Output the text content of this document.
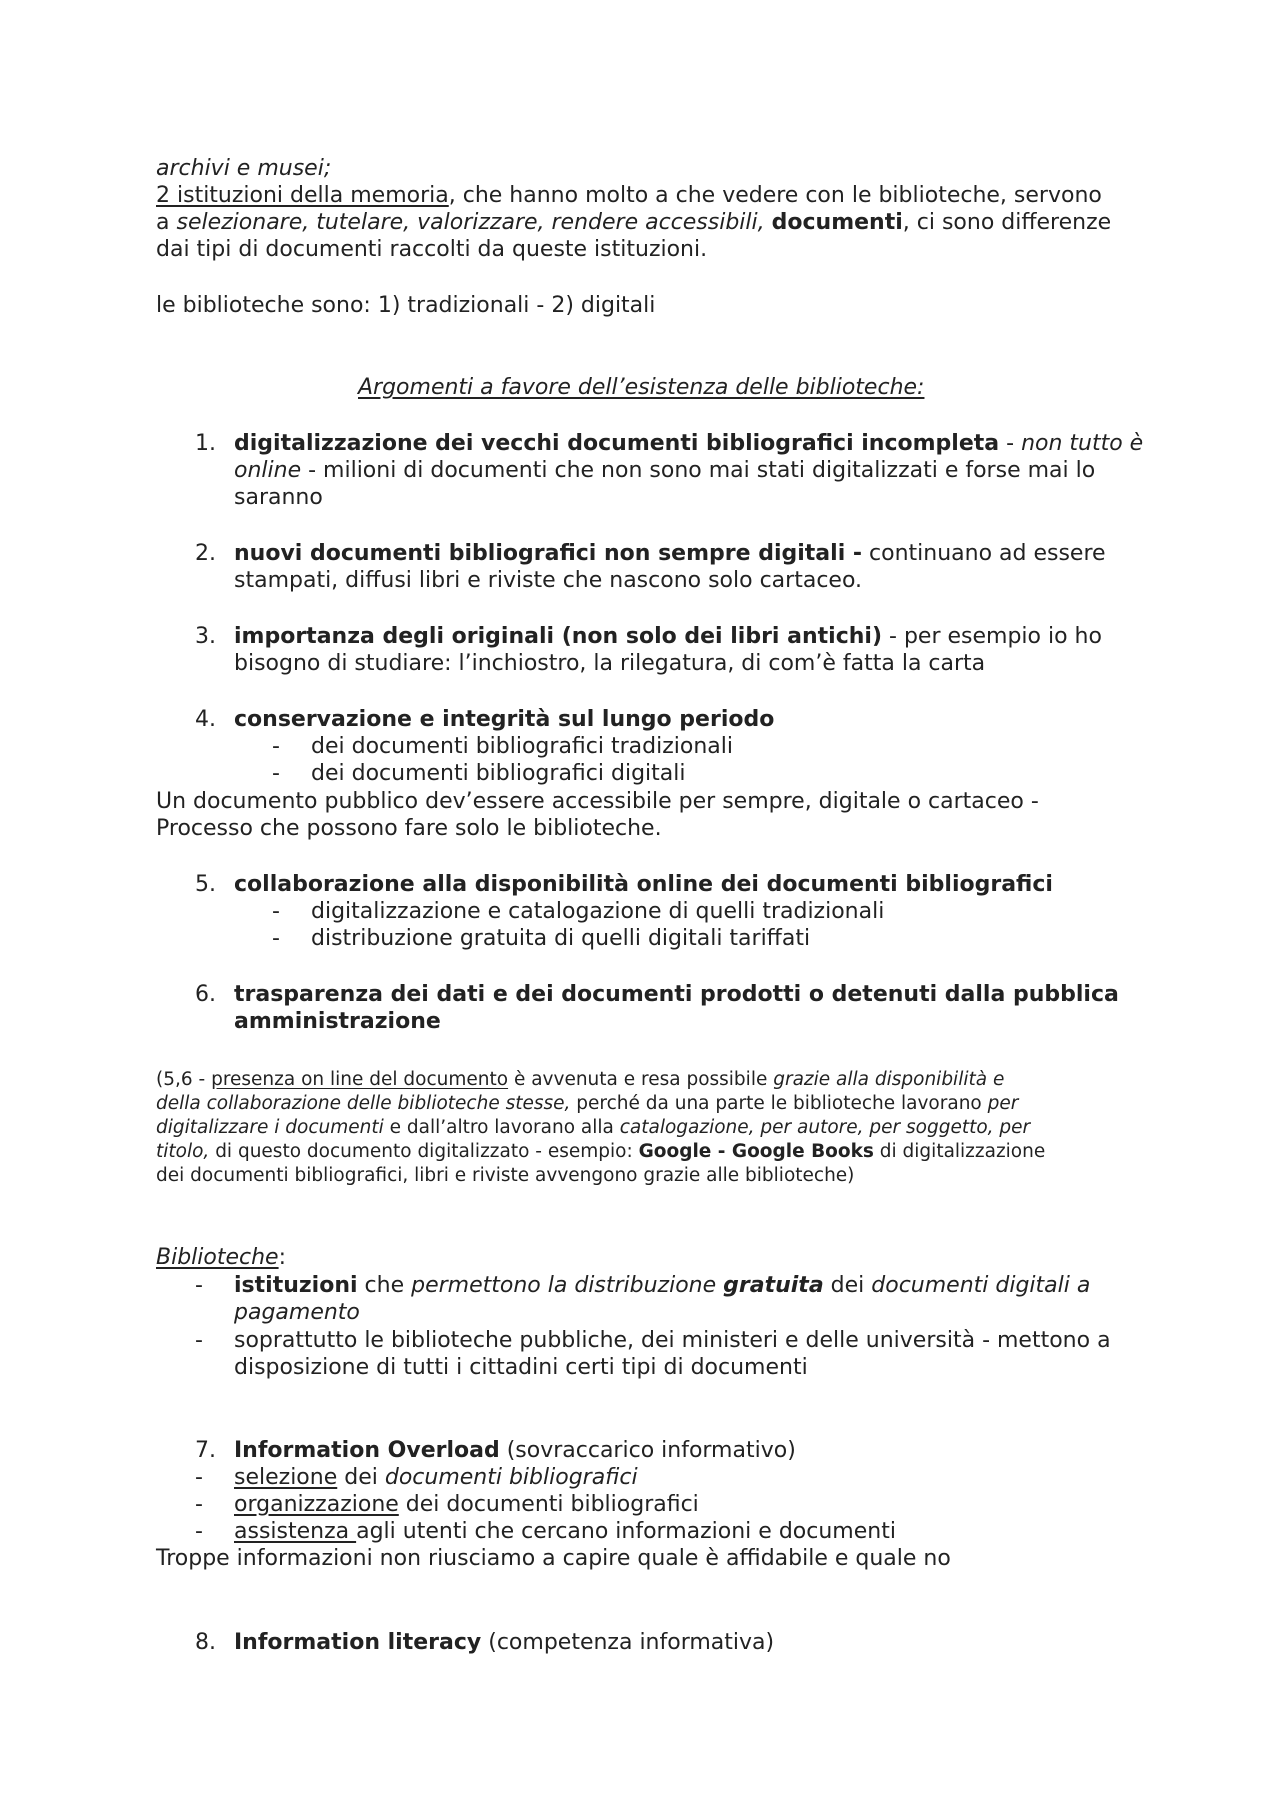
archivi e musei;
2 istituzioni della memoria, che hanno molto a che vedere con le biblioteche, servono
a selezionare, tutelare, valorizzare, rendere accessibili, documenti, ci sono differenze
dai tipi di documenti raccolti da queste istituzioni.
le biblioteche sono: 1) tradizionali - 2) digitali
Argomenti a favore dell’esistenza delle biblioteche:
1. digitalizzazione dei vecchi documenti bibliografici incompleta - non tutto è
online - milioni di documenti che non sono mai stati digitalizzati e forse mai lo
saranno
2. nuovi documenti bibliografici non sempre digitali - continuano ad essere
stampati, diffusi libri e riviste che nascono solo cartaceo.
3. importanza degli originali (non solo dei libri antichi) - per esempio io ho
bisogno di studiare: l’inchiostro, la rilegatura, di com’è fatta la carta
4. conservazione e integrità sul lungo periodo
- dei documenti bibliografici tradizionali
- dei documenti bibliografici digitali
Un documento pubblico dev’essere accessibile per sempre, digitale o cartaceo -
Processo che possono fare solo le biblioteche.
5. collaborazione alla disponibilità online dei documenti bibliografici
- digitalizzazione e catalogazione di quelli tradizionali
- distribuzione gratuita di quelli digitali tariffati
6. trasparenza dei dati e dei documenti prodotti o detenuti dalla pubblica
amministrazione
(5,6 - presenza on line del documento è avvenuta e resa possibile grazie alla disponibilità e
della collaborazione delle biblioteche stesse, perché da una parte le biblioteche lavorano per
digitalizzare i documenti e dall’altro lavorano alla catalogazione, per autore, per soggetto, per
titolo, di questo documento digitalizzato - esempio: Google - Google Books di digitalizzazione
dei documenti bibliografici, libri e riviste avvengono grazie alle biblioteche)
Biblioteche:
- istituzioni che permettono la distribuzione gratuita dei documenti digitali a
pagamento
- soprattutto le biblioteche pubbliche, dei ministeri e delle università - mettono a
disposizione di tutti i cittadini certi tipi di documenti
7. Information Overload (sovraccarico informativo)
- selezione dei documenti bibliografici
- organizzazione dei documenti bibliografici
- assistenza agli utenti che cercano informazioni e documenti
Troppe informazioni non riusciamo a capire quale è affidabile e quale no
8. Information literacy (competenza informativa)
